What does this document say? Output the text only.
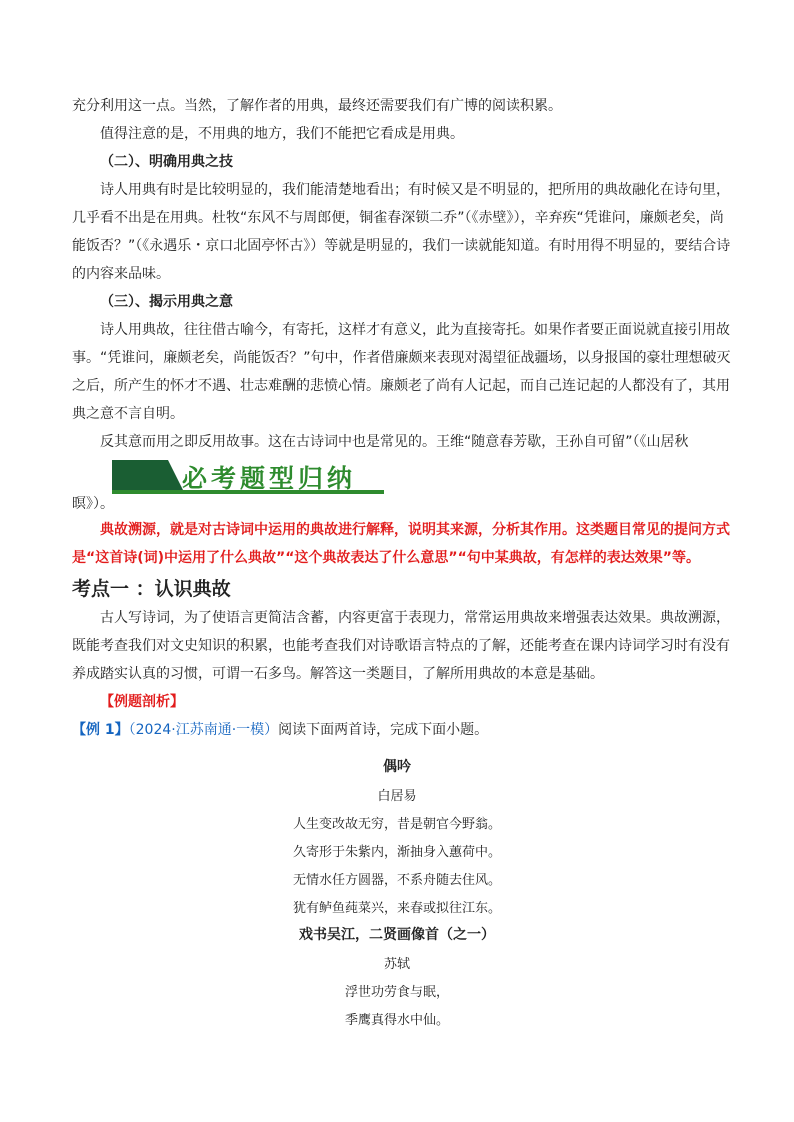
充分利用这一点。当然，了解作者的用典，最终还需要我们有广博的阅读积累。

值得注意的是，不用典的地方，我们不能把它看成是用典。

（二）、明确用典之技

诗人用典有时是比较明显的，我们能清楚地看出；有时候又是不明显的，把所用的典故融化在诗句里，几乎看不出是在用典。杜牧“东风不与周郎便，铜雀春深锁二乔”（《赤壁》），辛弃疾“凭谁问，廉颇老矣，尚能饭否？”（《永遇乐・京口北固亭怀古》）等就是明显的，我们一读就能知道。有时用得不明显的，要结合诗的内容来品味。

（三）、揭示用典之意

诗人用典故，往往借古喻今，有寄托，这样才有意义，此为直接寄托。如果作者要正面说就直接引用故事。“凭谁问，廉颇老矣，尚能饭否？”句中，作者借廉颇来表现对渴望征战疆场，以身报国的豪壮理想破灭之后，所产生的怀才不遇、壮志难酬的悲愤心情。廉颇老了尚有人记起，而自己连记起的人都没有了，其用典之意不言自明。

反其意而用之即反用故事。这在古诗词中也是常见的。王维“随意春芳歇，王孙自可留”（《山居秋

暝》）。

必考题型归纳

典故溯源，就是对古诗词中运用的典故进行解释，说明其来源，分析其作用。这类题目常见的提问方式是“这首诗(词)中运用了什么典故”“这个典故表达了什么意思”“句中某典故，有怎样的表达效果”等。

考点一 ：认识典故

古人写诗词，为了使语言更简洁含蓄，内容更富于表现力，常常运用典故来增强表达效果。典故溯源，既能考查我们对文史知识的积累，也能考查我们对诗歌语言特点的了解，还能考查在课内诗词学习时有没有养成踏实认真的习惯，可谓一石多鸟。解答这一类题目，了解所用典故的本意是基础。

【例题剖析】

【例 1】（2024·江苏南通·一模）阅读下面两首诗，完成下面小题。

偶吟
白居易
人生变改故无穷，昔是朝官今野翁。
久寄形于朱紫内，渐抽身入蕙荷中。
无情水任方圆器，不系舟随去住风。
犹有鲈鱼莼菜兴，来春或拟往江东。
戏书吴江，二贤画像首（之一）
苏轼
浮世功劳食与眠，
季鹰真得水中仙。
